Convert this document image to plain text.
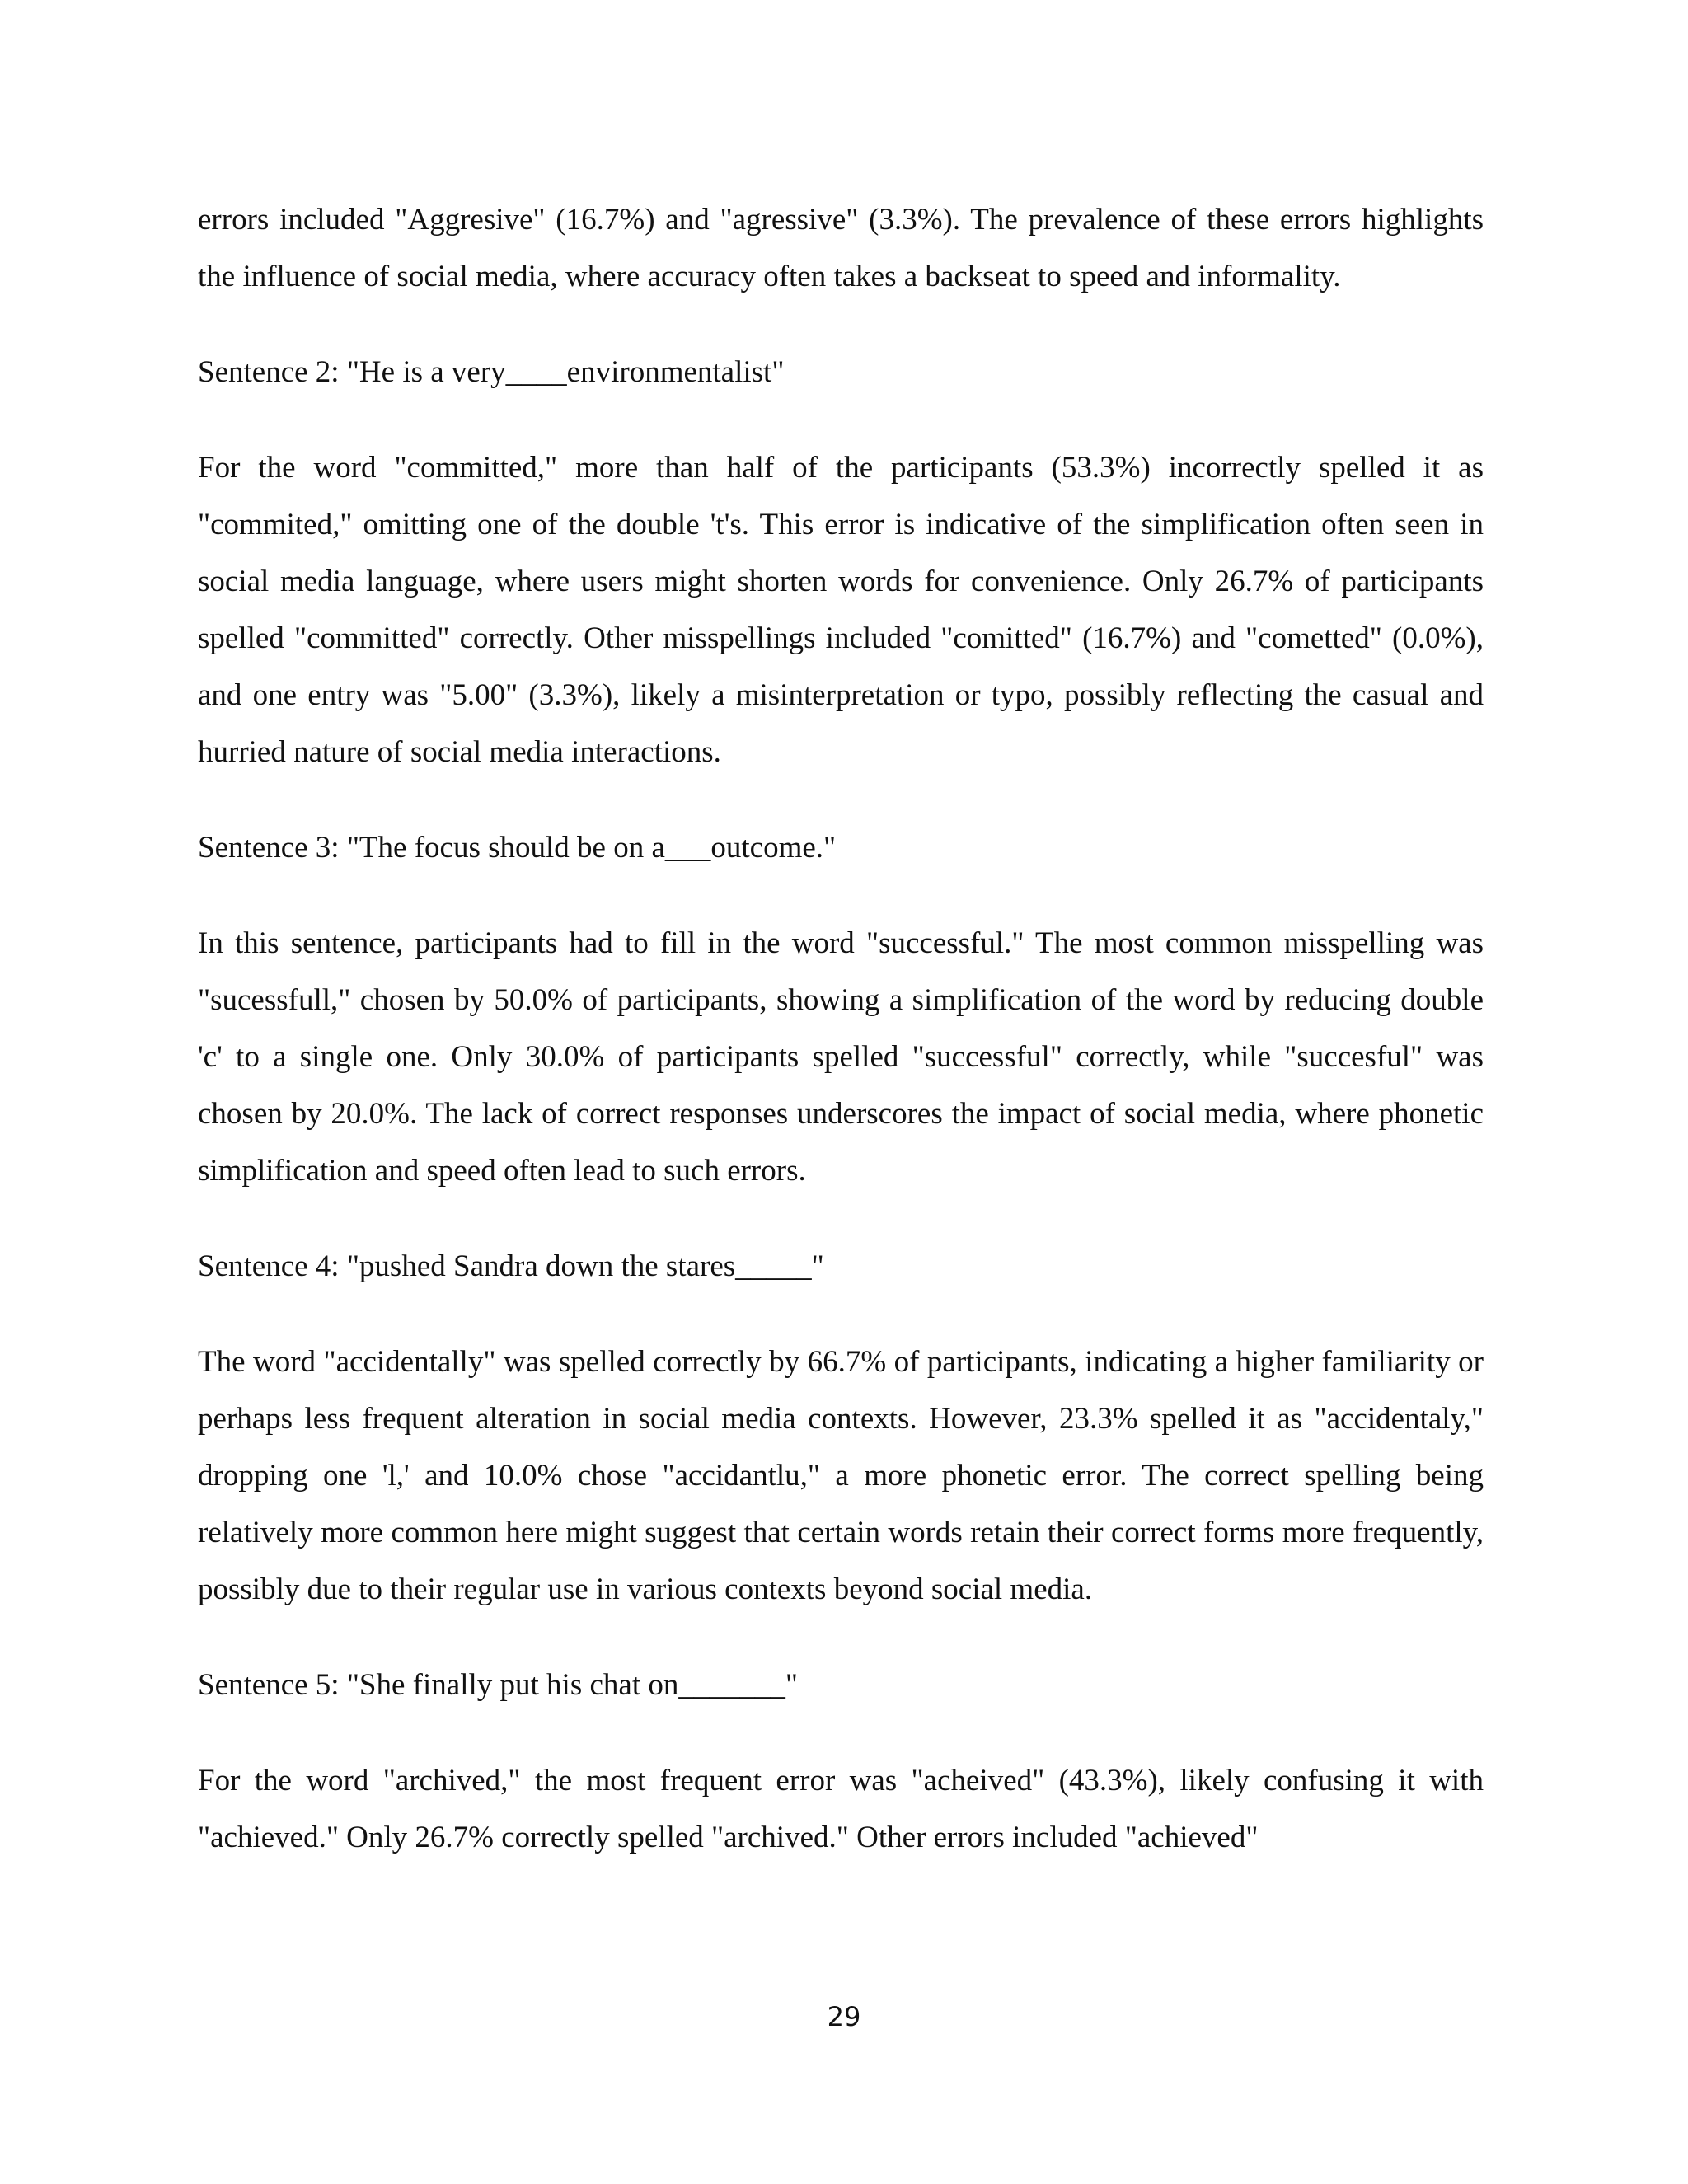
errors included "Aggresive" (16.7%) and "agressive" (3.3%). The prevalence of these errors highlights the influence of social media, where accuracy often takes a backseat to speed and informality.

Sentence 2: "He is a very____environmentalist"

For the word "committed," more than half of the participants (53.3%) incorrectly spelled it as "commited," omitting one of the double 't's. This error is indicative of the simplification often seen in social media language, where users might shorten words for convenience. Only 26.7% of participants spelled "committed" correctly. Other misspellings included "comitted" (16.7%) and "cometted" (0.0%), and one entry was "5.00" (3.3%), likely a misinterpretation or typo, possibly reflecting the casual and hurried nature of social media interactions.

Sentence 3: "The focus should be on a___outcome."

In this sentence, participants had to fill in the word "successful." The most common misspelling was "sucessfull," chosen by 50.0% of participants, showing a simplification of the word by reducing double 'c' to a single one. Only 30.0% of participants spelled "successful" correctly, while "succesful" was chosen by 20.0%. The lack of correct responses underscores the impact of social media, where phonetic simplification and speed often lead to such errors.

Sentence 4: "pushed Sandra down the stares_____"

The word "accidentally" was spelled correctly by 66.7% of participants, indicating a higher familiarity or perhaps less frequent alteration in social media contexts. However, 23.3% spelled it as "accidentaly," dropping one 'l,' and 10.0% chose "accidantlu," a more phonetic error. The correct spelling being relatively more common here might suggest that certain words retain their correct forms more frequently, possibly due to their regular use in various contexts beyond social media.

Sentence 5: "She finally put his chat on_______"

For the word "archived," the most frequent error was "acheived" (43.3%), likely confusing it with "achieved." Only 26.7% correctly spelled "archived." Other errors included "achieved"

29
